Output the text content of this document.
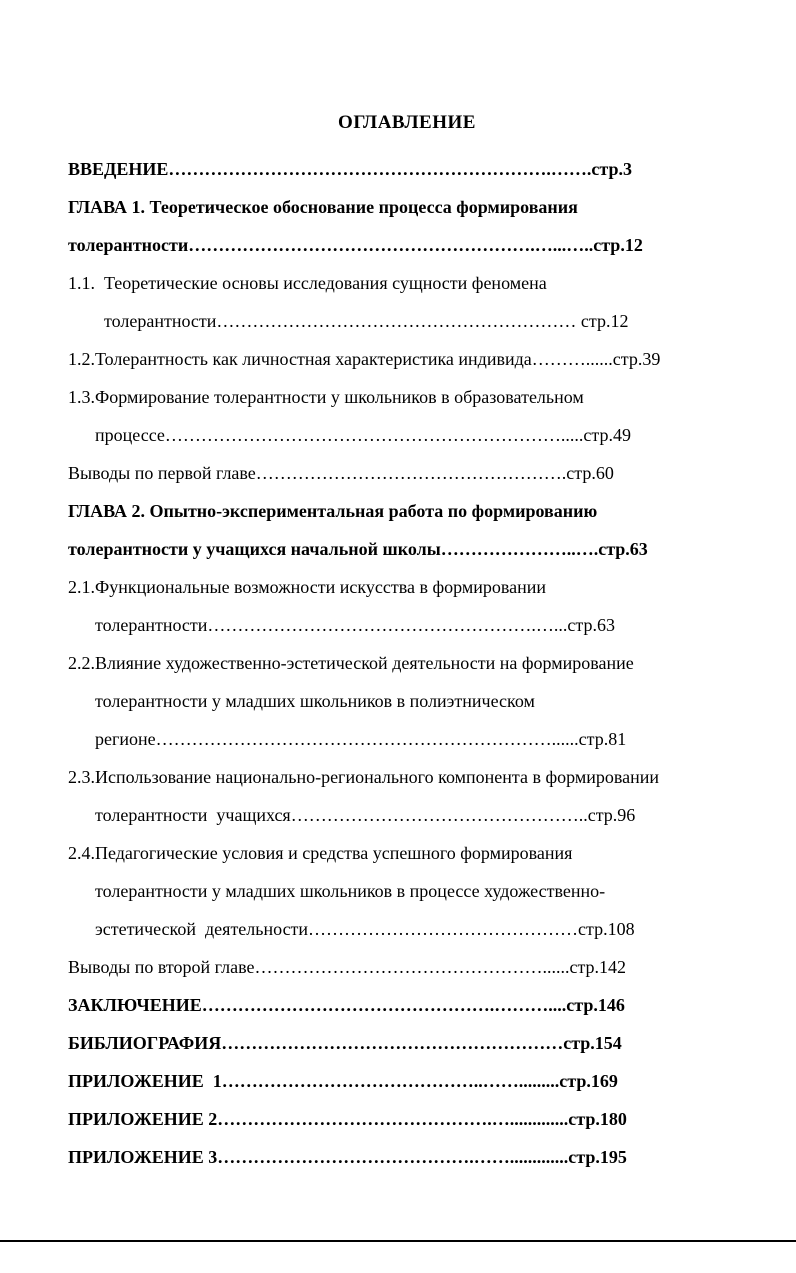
ОГЛАВЛЕНИЕ
ВВЕДЕНИЕ……………………………………………………….…….стр.3
ГЛАВА 1. Теоретическое обоснование процесса формирования
толерантности………………………………………………….…...…..стр.12
1.1.  Теоретические основы исследования сущности феномена
толерантности…………………………………………………… стр.12
1.2.Толерантность как личностная характеристика индивида………......стр.39
1.3.Формирование толерантности у школьников в образовательном
процессе………………………………………………………….....стр.49
Выводы по первой главе…………………………………………….стр.60
ГЛАВА 2. Опытно-экспериментальная работа по формированию
толерантности у учащихся начальной школы…………………..….стр.63
2.1.Функциональные возможности искусства в формировании
толерантности……………………………………………….…...стр.63
2.2.Влияние художественно-эстетической деятельности на формирование
толерантности у младших школьников в полиэтническом
регионе…………………………………………………………......стр.81
2.3.Использование национально-регионального компонента в формировании
толерантности  учащихся…………………………………………..стр.96
2.4.Педагогические условия и средства успешного формирования
толерантности у младших школьников в процессе художественно-
эстетической  деятельности………………………………………стр.108
Выводы по второй главе…………………………………………......стр.142
ЗАКЛЮЧЕНИЕ………………………………………….………....стр.146
БИБЛИОГРАФИЯ…………………………………………………стр.154
ПРИЛОЖЕНИЕ  1……………………………………..…….........стр.169
ПРИЛОЖЕНИЕ 2……………………………………….….............стр.180
ПРИЛОЖЕНИЕ 3…………………………………….…….............стр.195
